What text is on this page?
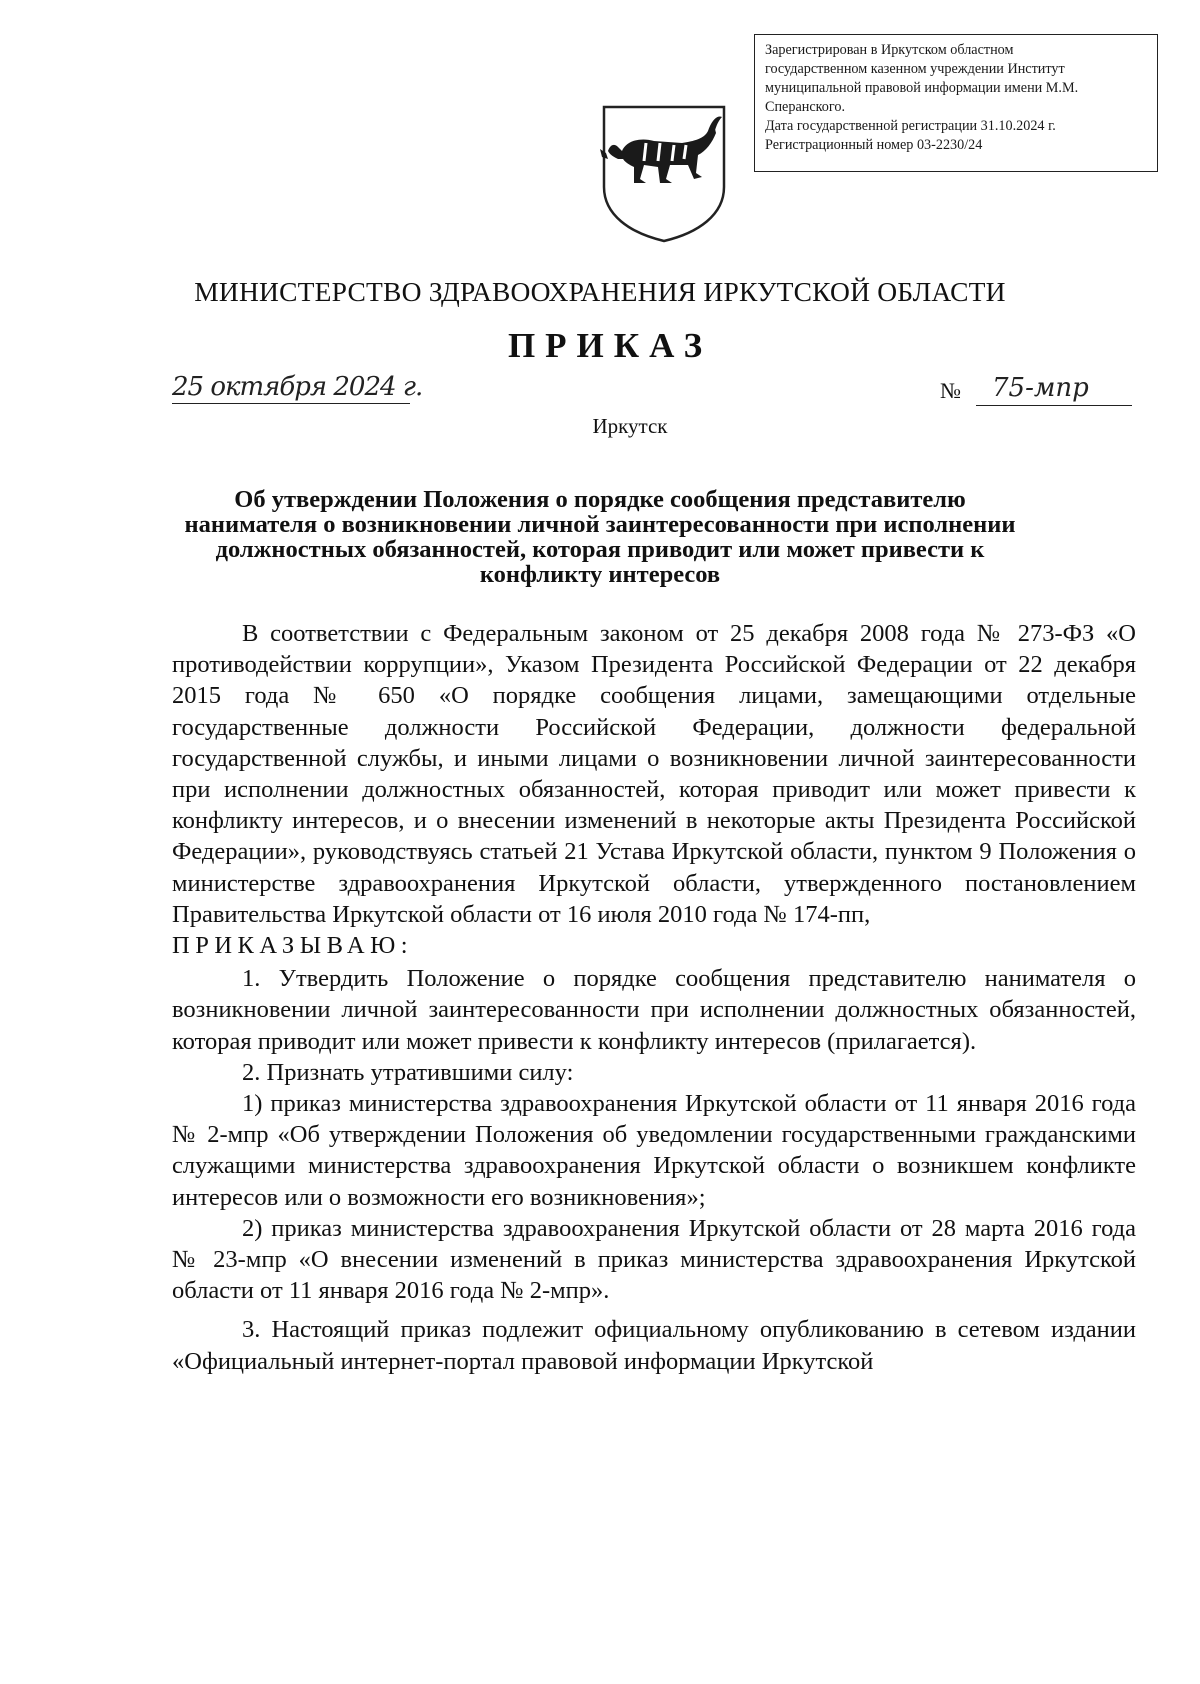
Зарегистрирован в Иркутском областном
государственном казенном учреждении Институт
муниципальной правовой информации имени М.М.
Сперанского.
Дата государственной регистрации 31.10.2024 г.
Регистрационный номер 03-2230/24
МИНИСТЕРСТВО ЗДРАВООХРАНЕНИЯ ИРКУТСКОЙ ОБЛАСТИ
ПРИКАЗ
25 октября 2024 г.	№ 75-мпр
Иркутск
Об утверждении Положения о порядке сообщения представителю нанимателя о возникновении личной заинтересованности при исполнении должностных обязанностей, которая приводит или может привести к конфликту интересов

В соответствии с Федеральным законом от 25 декабря 2008 года № 273-ФЗ «О противодействии коррупции», Указом Президента Российской Федерации от 22 декабря 2015 года № 650 «О порядке сообщения лицами, замещающими отдельные государственные должности Российской Федерации, должности федеральной государственной службы, и иными лицами о возникновении личной заинтересованности при исполнении должностных обязанностей, которая приводит или может привести к конфликту интересов, и о внесении изменений в некоторые акты Президента Российской Федерации», руководствуясь статьей 21 Устава Иркутской области, пунктом 9 Положения о министерстве здравоохранения Иркутской области, утвержденного постановлением Правительства Иркутской области от 16 июля 2010 года № 174-пп,

ПРИКАЗЫВАЮ:

1. Утвердить Положение о порядке сообщения представителю нанимателя о возникновении личной заинтересованности при исполнении должностных обязанностей, которая приводит или может привести к конфликту интересов (прилагается).

2. Признать утратившими силу:

1) приказ министерства здравоохранения Иркутской области от 11 января 2016 года № 2-мпр «Об утверждении Положения об уведомлении государственными гражданскими служащими министерства здравоохранения Иркутской области о возникшем конфликте интересов или о возможности его возникновения»;

2) приказ министерства здравоохранения Иркутской области от 28 марта 2016 года № 23-мпр «О внесении изменений в приказ министерства здравоохранения Иркутской области от 11 января 2016 года № 2-мпр».

3. Настоящий приказ подлежит официальному опубликованию в сетевом издании «Официальный интернет-портал правовой информации Иркутской
